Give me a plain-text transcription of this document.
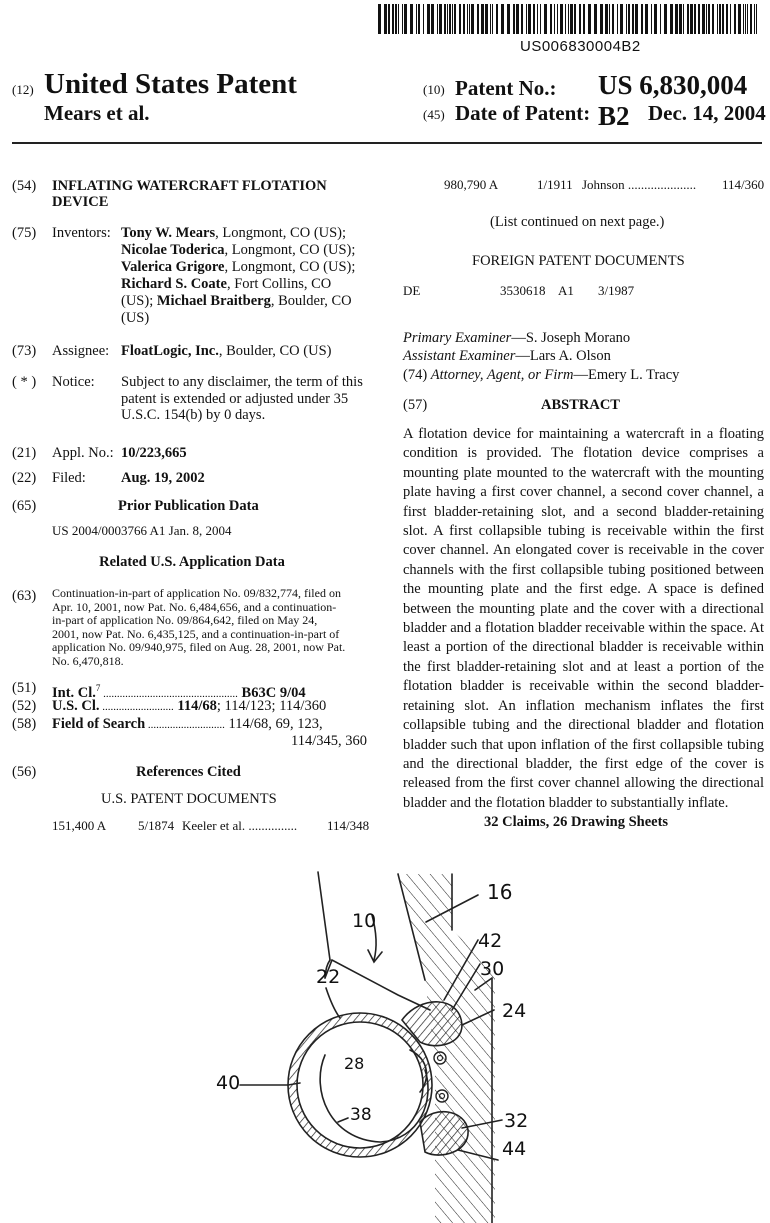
US006830004B2
(12) United States Patent
Mears et al.
(10) Patent No.: US 6,830,004 B2
(45) Date of Patent:	Dec. 14, 2004
(54) INFLATING WATERCRAFT FLOTATION
DEVICE
(75) Inventors: Tony W. Mears, Longmont, CO (US);
Nicolae Toderica, Longmont, CO (US);
Valerica Grigore, Longmont, CO (US);
Richard S. Coate, Fort Collins, CO
(US); Michael Braitberg, Boulder, CO
(US)
(73) Assignee: FloatLogic, Inc., Boulder, CO (US)
( * ) Notice: Subject to any disclaimer, the term of this
patent is extended or adjusted under 35
U.S.C. 154(b) by 0 days.
(21) Appl. No.: 10/223,665
(22) Filed: Aug. 19, 2002
(65)	Prior Publication Data
US 2004/0003766 A1 Jan. 8, 2004
Related U.S. Application Data
(63) Continuation-in-part of application No. 09/832,774, filed on
Apr. 10, 2001, now Pat. No. 6,484,656, and a continuation-
in-part of application No. 09/864,642, filed on May 24,
2001, now Pat. No. 6,435,125, and a continuation-in-part of
application No. 09/940,975, filed on Aug. 28, 2001, now Pat.
No. 6,470,818.
(51) Int. Cl.$^7$ ................................................. B63C 9/04
(52) U.S. Cl. .......................... 114/68; 114/123; 114/360
(58) Field of Search ............................ 114/68, 69, 123,
114/345, 360
(56)	References Cited
U.S. PATENT DOCUMENTS
151,400 A 5/1874 Keeler et al. ............... 114/348
980,790 A	1/1911 Johnson ..................... 114/360
(List continued on next page.)
FOREIGN PATENT DOCUMENTS
DE	3530618 A1 3/1987
Primary Examiner—S. Joseph Morano
Assistant Examiner—Lars A. Olson
(74) Attorney, Agent, or Firm—Emery L. Tracy
(57)	ABSTRACT
A flotation device for maintaining a watercraft in a floating condition is provided. The flotation device comprises a mounting plate mounted to the watercraft with the mounting plate having a first cover channel, a second cover channel, a first bladder-retaining slot, and a second bladder-retaining slot. A first collapsible tubing is receivable within the first cover channel. An elongated cover is receivable in the cover channels with the first collapsible tubing positioned between the mounting plate and the first edge. A space is defined between the mounting plate and the cover with a directional bladder and a flotation bladder receivable within the space. At least a portion of the directional bladder is receivable within the first bladder-retaining slot and at least a portion of the flotation bladder is receivable within the second bladder-retaining slot. An inflation mechanism inflates the first collapsible tubing and the directional bladder and flotation bladder such that upon inflation of the first collapsible tubing and the directional bladder, the first edge of the cover is released from the first cover channel allowing the directional bladder and the flotation bladder to substantially inflate.
32 Claims, 26 Drawing Sheets
10
16
42
30
24
22
28
40
38	32
44
